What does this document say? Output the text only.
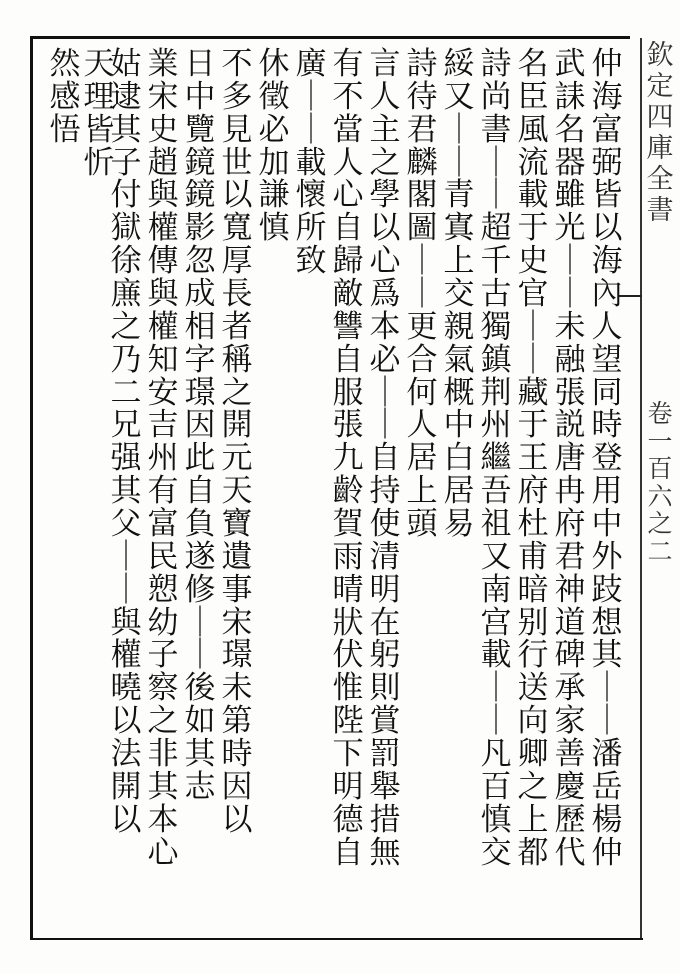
欽
定
四
庫
全
書
卷
一
百
六
之
二
仲
海
富
弼
皆
以
海
內
人
望
同
時
登
用
中
外
跂
想
其
｜
｜
潘
岳
楊
仲
武
誄
名
器
雖
光
｜
｜
未
融
張
説
唐
冉
府
君
神
道
碑
承
家
善
慶
歷
代
名
臣
風
流
載
于
史
官
｜
｜
藏
于
王
府
杜
甫
暗
别
行
送
向
卿
之
上
都
詩
尚
書
｜
｜
超
千
古
獨
鎮
荆
州
繼
吾
祖
又
南
宫
載
｜
｜
凡
百
慎
交
綏
又
｜
｜
青
寘
上
交
親
氣
概
中
白
居
易
詩
待
君
麟
閣
圖
｜
｜
更
合
何
人
居
上
頭
言
人
主
之
學
以
心
爲
本
必
｜
｜
自
持
使
清
明
在
躬
則
賞
罰
舉
措
無
有
不
當
人
心
自
歸
敵
讐
自
服
張
九
齡
賀
雨
晴
狀
伏
惟
陛
下
明
德
自
廣
｜
｜
載
懷
所
致
休
徵
必
加
謙
慎
不
多
見
世
以
寬
厚
長
者
稱
之
開
元
天
寶
遺
事
宋
璟
未
第
時
因
以
日
中
覽
鏡
鏡
影
忽
成
相
字
璟
因
此
自
負
遂
修
｜
｜
後
如
其
志
業
宋
史
趙
與
權
傳
與
權
知
安
吉
州
有
富
民
愬
幼
子
察
之
非
其
本
心
姑
逮
其
子
付
獄
徐
㢘
之
乃
二
兄
强
其
父
｜
｜
與
權
曉
以
法
開
以
天
理
皆
忻
然
感
悟
